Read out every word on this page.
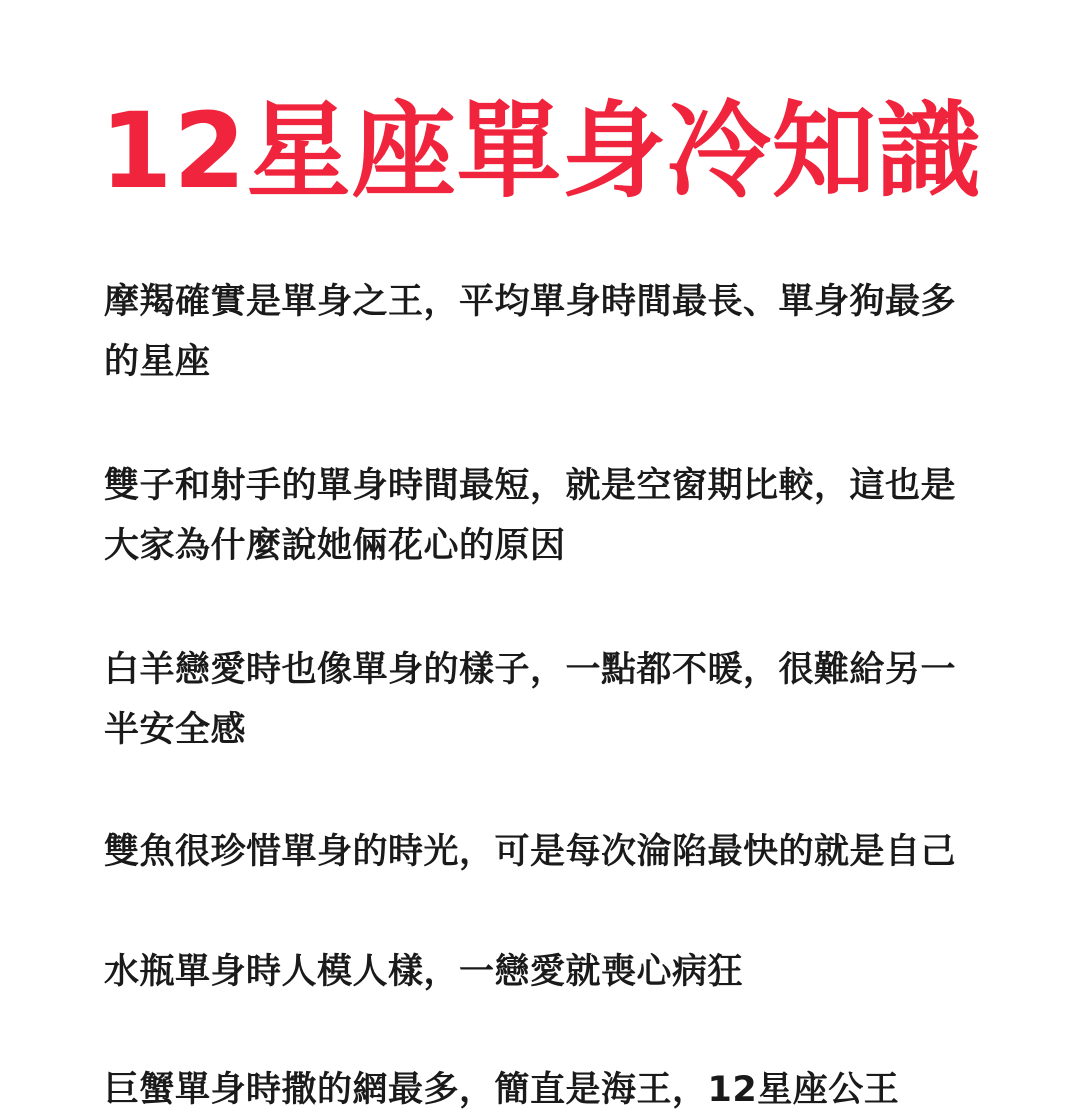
12星座單身冷知識

摩羯確實是單身之王，平均單身時間最長、單身狗最多的星座

雙子和射手的單身時間最短，就是空窗期比較，這也是大家為什麼說她倆花心的原因

白羊戀愛時也像單身的樣子，一點都不暖，很難給另一半安全感

雙魚很珍惜單身的時光，可是每次淪陷最快的就是自己

水瓶單身時人模人樣，一戀愛就喪心病狂

巨蟹單身時撒的網最多，簡直是海王，12星座公王
